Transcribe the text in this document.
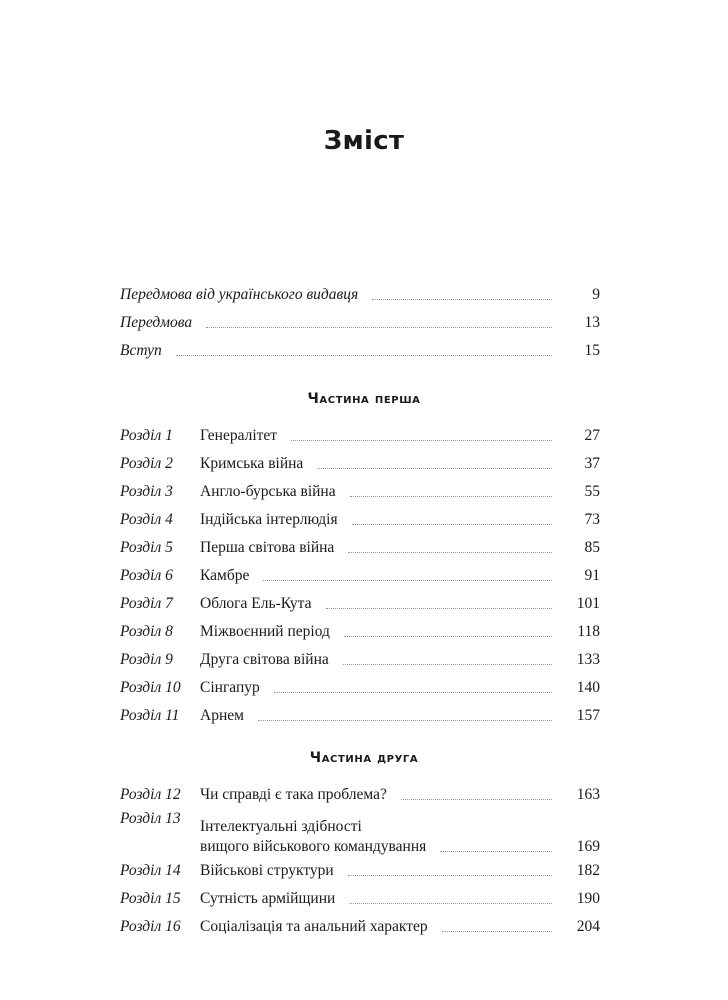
Зміст
Передмова від українського видавця	9
Передмова	13
Вступ	15
Частина перша
Розділ 1	Генералітет	27
Розділ 2	Кримська війна	37
Розділ 3	Англо-бурська війна	55
Розділ 4	Індійська інтерлюдія	73
Розділ 5	Перша світова війна	85
Розділ 6	Камбре	91
Розділ 7	Облога Ель-Кута	101
Розділ 8	Міжвоєнний період	118
Розділ 9	Друга світова війна	133
Розділ 10	Сінгапур	140
Розділ 11	Арнем	157
Частина друга
Розділ 12	Чи справді є така проблема?	163
Розділ 13	Інтелектуальні здібності
вищого військового командування	169
Розділ 14	Військові структури	182
Розділ 15	Сутність армійщини	190
Розділ 16	Соціалізація та анальний характер	204
